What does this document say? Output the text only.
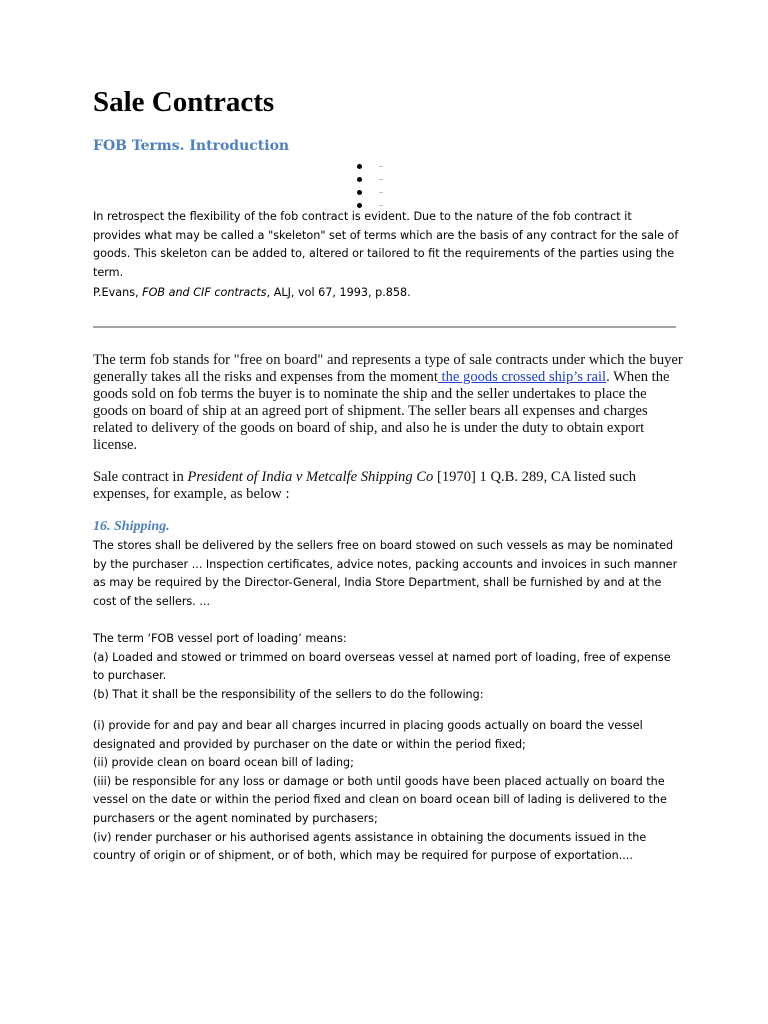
Sale Contracts
FOB Terms. Introduction
_
_
_
_

In retrospect the flexibility of the fob contract is evident. Due to the nature of the fob contract it provides what may be called a "skeleton" set of terms which are the basis of any contract for the sale of goods. This skeleton can be added to, altered or tailored to fit the requirements of the parties using the term.

P.Evans, FOB and CIF contracts, ALJ, vol 67, 1993, p.858.

The term fob stands for "free on board" and represents a type of sale contracts under which the buyer generally takes all the risks and expenses from the moment the goods crossed ship’s rail. When the goods sold on fob terms the buyer is to nominate the ship and the seller undertakes to place the goods on board of ship at an agreed port of shipment. The seller bears all expenses and charges related to delivery of the goods on board of ship, and also he is under the duty to obtain export license.

Sale contract in President of India v Metcalfe Shipping Co [1970] 1 Q.B. 289, CA listed such expenses, for example, as below :

16. Shipping.

The stores shall be delivered by the sellers free on board stowed on such vessels as may be nominated by the purchaser ... Inspection certificates, advice notes, packing accounts and invoices in such manner as may be required by the Director-General, India Store Department, shall be furnished by and at the cost of the sellers. ...

The term ‘FOB vessel port of loading’ means:
(a) Loaded and stowed or trimmed on board overseas vessel at named port of loading, free of expense to purchaser.
(b) That it shall be the responsibility of the sellers to do the following:
(i) provide for and pay and bear all charges incurred in placing goods actually on board the vessel designated and provided by purchaser on the date or within the period fixed;
(ii) provide clean on board ocean bill of lading;
(iii) be responsible for any loss or damage or both until goods have been placed actually on board the vessel on the date or within the period fixed and clean on board ocean bill of lading is delivered to the purchasers or the agent nominated by purchasers;
(iv) render purchaser or his authorised agents assistance in obtaining the documents issued in the country of origin or of shipment, or of both, which may be required for purpose of exportation....
